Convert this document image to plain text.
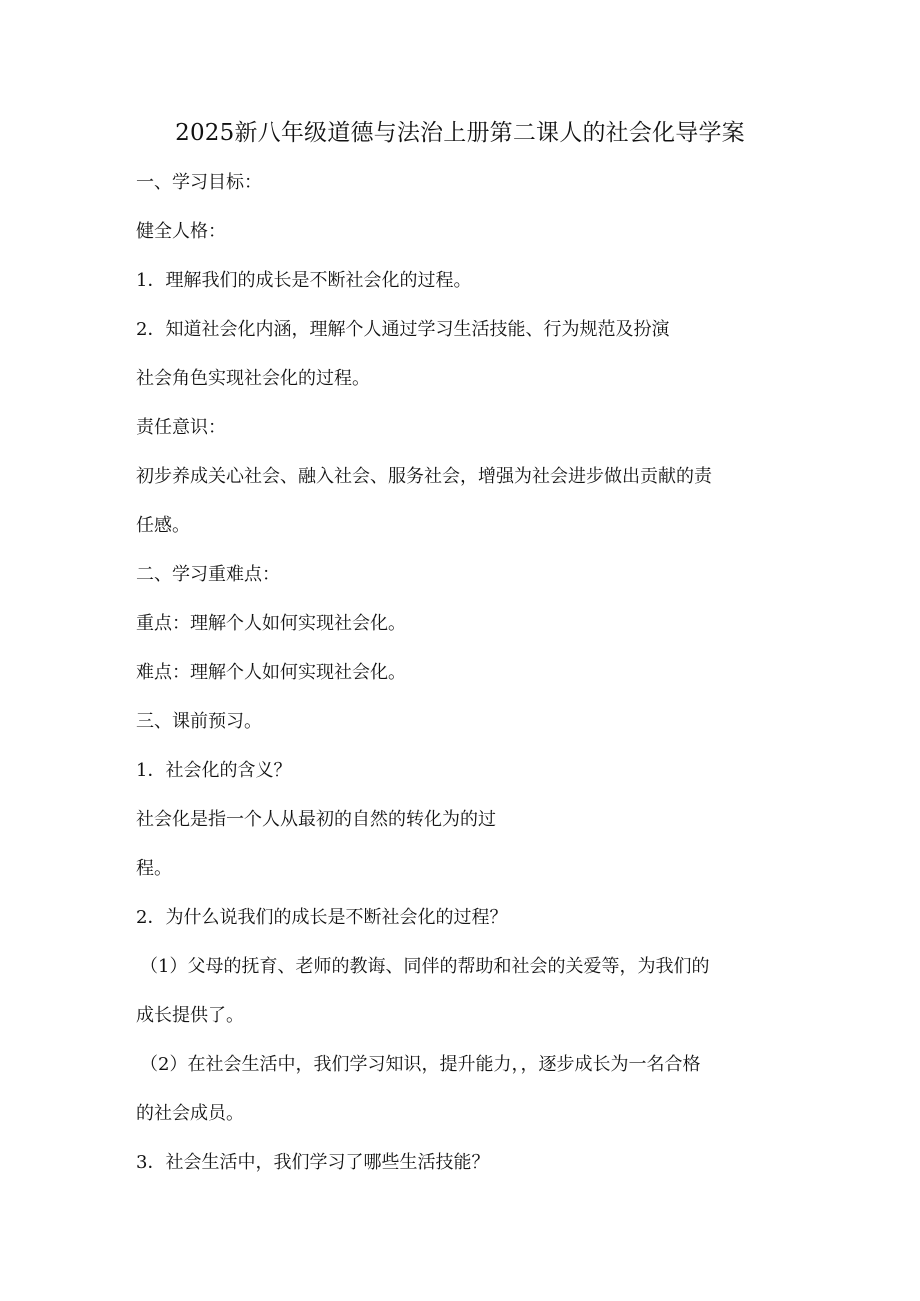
2025新八年级道德与法治上册第二课人的社会化导学案
一、学习目标：
健全人格：
1．理解我们的成长是不断社会化的过程。
2．知道社会化内涵，理解个人通过学习生活技能、行为规范及扮演
社会角色实现社会化的过程。
责任意识：
初步养成关心社会、融入社会、服务社会，增强为社会进步做出贡献的责
任感。
二、学习重难点：
重点：理解个人如何实现社会化。
难点：理解个人如何实现社会化。
三、课前预习。
1．社会化的含义？
社会化是指一个人从最初的自然的转化为的过
程。
2．为什么说我们的成长是不断社会化的过程？
（1）父母的抚育、老师的教诲、同伴的帮助和社会的关爱等，为我们的
成长提供了。
（2）在社会生活中，我们学习知识，提升能力，，逐步成长为一名合格
的社会成员。
3．社会生活中，我们学习了哪些生活技能？
